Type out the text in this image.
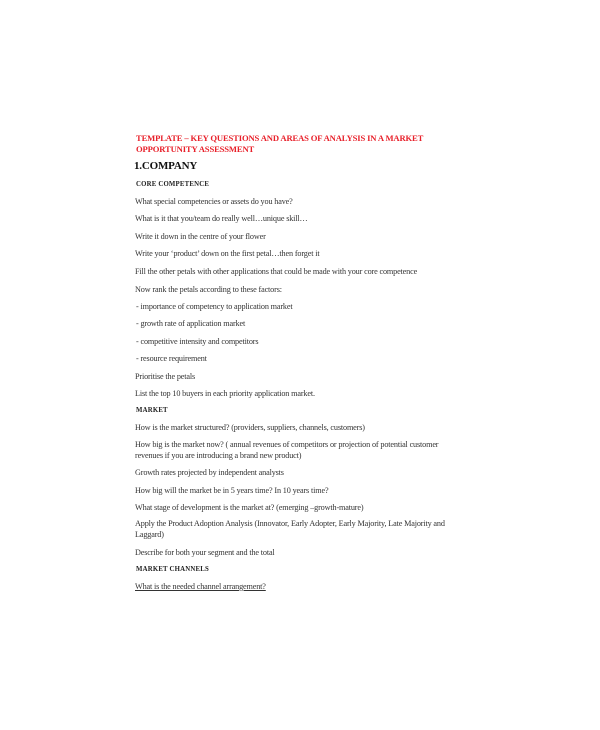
TEMPLATE – KEY QUESTIONS AND AREAS OF ANALYSIS IN A MARKET OPPORTUNITY ASSESSMENT
1.COMPANY
CORE COMPETENCE
What special competencies or assets do you have?
What is it that you/team do really well…unique skill…
Write it down in the centre of your flower
Write your ‘product’ down on the first petal…then forget it
Fill the other petals with other applications that could be made with your core competence
Now rank the petals according to these factors:
- importance of competency to application market
- growth rate of application market
- competitive intensity and competitors
- resource requirement
Prioritise the petals
List the top 10 buyers in each priority application market.
MARKET
How is the market structured? (providers, suppliers, channels, customers)
How big is the market now? ( annual revenues of competitors or projection of potential customer revenues if you are introducing a brand new product)
Growth rates projected by independent analysts
How big will the market be in 5 years time? In 10 years time?
What stage of development is the market at? (emerging –growth-mature)
Apply the Product Adoption Analysis (Innovator, Early Adopter, Early Majority, Late Majority and Laggard)
Describe for both your segment and the total
MARKET CHANNELS
What is the needed channel arrangement?
